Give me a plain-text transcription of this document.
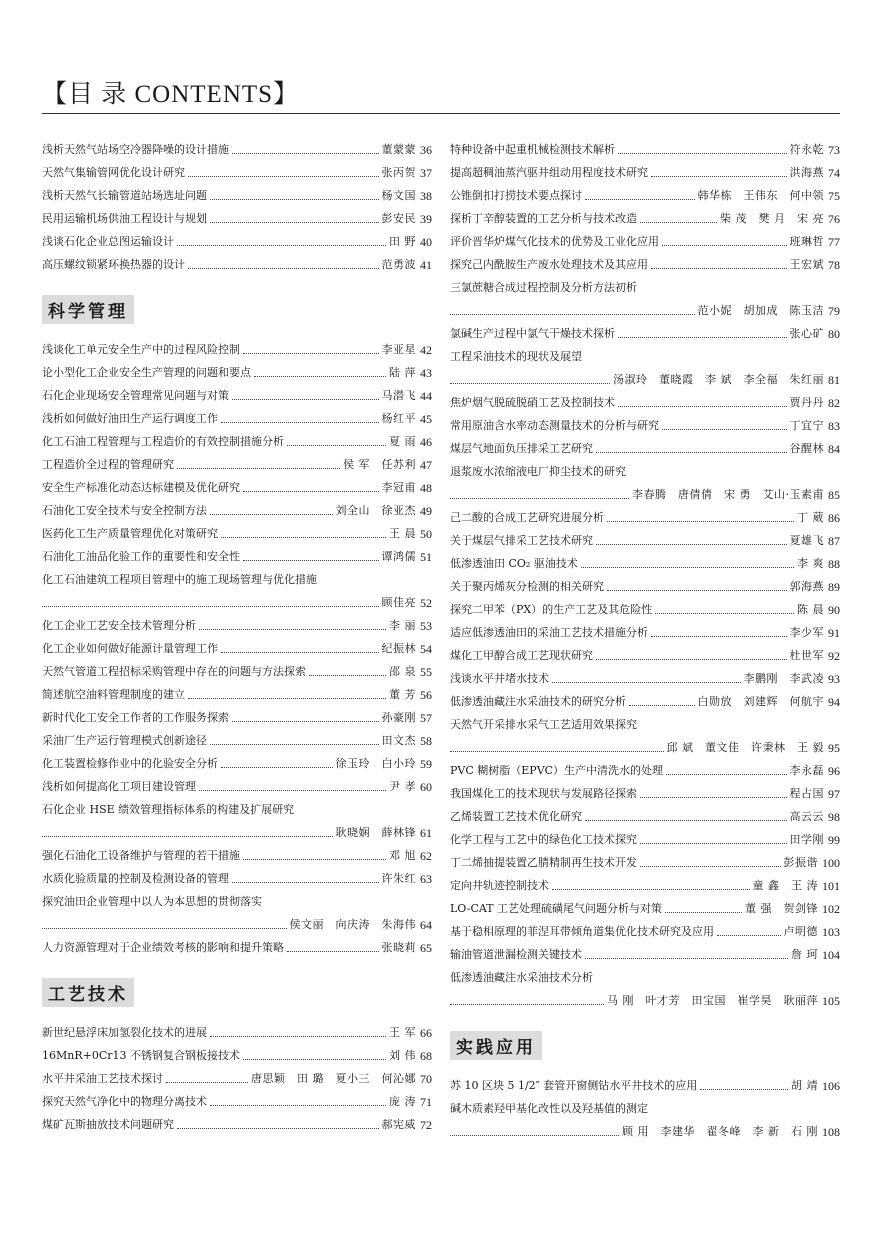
【目 录 CONTENTS】
浅析天然气站场空冷器降噪的设计措施	董蒙蒙 36
天然气集输管网优化设计研究	张丙贺 37
浅析天然气长输管道站场选址问题	杨文国 38
民用运输机场供油工程设计与规划	彭安民 39
浅谈石化企业总图运输设计	田 野 40
高压螺纹锁紧环换热器的设计	范勇波 41
科学管理
浅谈化工单元安全生产中的过程风险控制	李亚星 42
论小型化工企业安全生产管理的问题和要点	陆 萍 43
石化企业现场安全管理常见问题与对策	马潜飞 44
浅析如何做好油田生产运行调度工作	杨红平 45
化工石油工程管理与工程造价的有效控制措施分析	夏 雨 46
工程造价全过程的管理研究	侯 军　任苏利 47
安全生产标准化动态达标建模及优化研究	李冠甫 48
石油化工安全技术与安全控制方法	刘全山　徐亚杰 49
医药化工生产质量管理优化对策研究	王 晨 50
石油化工油品化验工作的重要性和安全性	谭鸿儒 51
化工石油建筑工程项目管理中的施工现场管理与优化措施
顾佳亮 52
化工企业工艺安全技术管理分析	李 丽 53
化工企业如何做好能源计量管理工作	纪振林 54
天然气管道工程招标采购管理中存在的问题与方法探索	邵 泉 55
简述航空油料管理制度的建立	董 芳 56
新时代化工安全工作者的工作服务探索	孙豪刚 57
采油厂生产运行管理模式创新途径	田文杰 58
化工装置检修作业中的化验安全分析	徐玉玲　白小玲 59
浅析如何提高化工项目建设管理	尹 孝 60
石化企业 HSE 绩效管理指标体系的构建及扩展研究
耿晓娴　薛林锋 61
强化石油化工设备维护与管理的若干措施	邓 旭 62
水质化验质量的控制及检测设备的管理	许朱红 63
探究油田企业管理中以人为本思想的贯彻落实
侯文丽　向庆涛　朱海伟 64
人力资源管理对于企业绩效考核的影响和提升策略	张晓莉 65
工艺技术
新世纪悬浮床加氢裂化技术的进展	王 军 66
16MnR+0Cr13 不锈钢复合钢板接技术	刘 伟 68
水平井采油工艺技术探讨	唐思颖　田 璐　夏小三　何沁娜 70
探究天然气净化中的物理分离技术	庞 涛 71
煤矿瓦斯抽放技术问题研究	郝宪威 72
特种设备中起重机械检测技术解析	符永乾 73
提高超稠油蒸汽驱井组动用程度技术研究	洪海燕 74
公锥倒扣打捞技术要点探讨	韩华栋　王伟东　何中领 75
探析丁辛醇装置的工艺分析与技术改造	柴 茂　樊 月　宋 亮 76
评价晋华炉煤气化技术的优势及工业化应用	班琳哲 77
探究己内酰胺生产废水处理技术及其应用	王宏斌 78
三氯蔗糖合成过程控制及分析方法初析
范小妮　胡加成　陈玉洁 79
氯碱生产过程中氯气干燥技术探析	张心矿 80
工程采油技术的现状及展望
汤淑玲　董晓霞　李 斌　李全福　朱红丽 81
焦炉烟气脱硫脱硝工艺及控制技术	贾丹丹 82
常用原油含水率动态测量技术的分析与研究	丁宜宁 83
煤层气地面负压排采工艺研究	谷醒林 84
退浆废水浓缩液电厂抑尘技术的研究
李春腾　唐倩倩　宋 勇　艾山·玉素甫 85
己二酸的合成工艺研究进展分析	丁 葳 86
关于煤层气排采工艺技术研究	夏雄飞 87
低渗透油田 CO₂ 驱油技术	李 爽 88
关于聚丙烯灰分检测的相关研究	郭海燕 89
探究二甲苯（PX）的生产工艺及其危险性	陈 晨 90
适应低渗透油田的采油工艺技术措施分析	李少军 91
煤化工甲醇合成工艺现状研究	杜世军 92
浅谈水平井堵水技术	李鹏刚　李武凌 93
低渗透油藏注水采油技术的研究分析	白勋放　刘建辉　何航宇 94
天然气开采排水采气工艺适用效果探究
邱 斌　董文佳　许秉林　王 毅 95
PVC 糊树脂（EPVC）生产中清洗水的处理	李永磊 96
我国煤化工的技术现状与发展路径探索	程占国 97
乙烯装置工艺技术优化研究	高云云 98
化学工程与工艺中的绿色化工技术探究	田学刚 99
丁二烯抽提装置乙腈精制再生技术开发	彭振谐 100
定向井轨迹控制技术	童 鑫　王 涛 101
LO-CAT 工艺处理硫磺尾气问题分析与对策	董 强　贺剑锋 102
基于稳相原理的菲涅耳带倾角道集优化技术研究及应用	卢明德 103
输油管道泄漏检测关键技术	詹 珂 104
低渗透油藏注水采油技术分析
马 刚　叶才芳　田宝国　崔学昊　耿丽萍 105
实践应用
苏 10 区块 5 1/2″ 套管开窗侧钻水平井技术的应用	胡 靖 106
碱木质素羟甲基化改性以及羟基值的测定
顾 用　李建华　翟冬峰　李 新　石 刚 108
